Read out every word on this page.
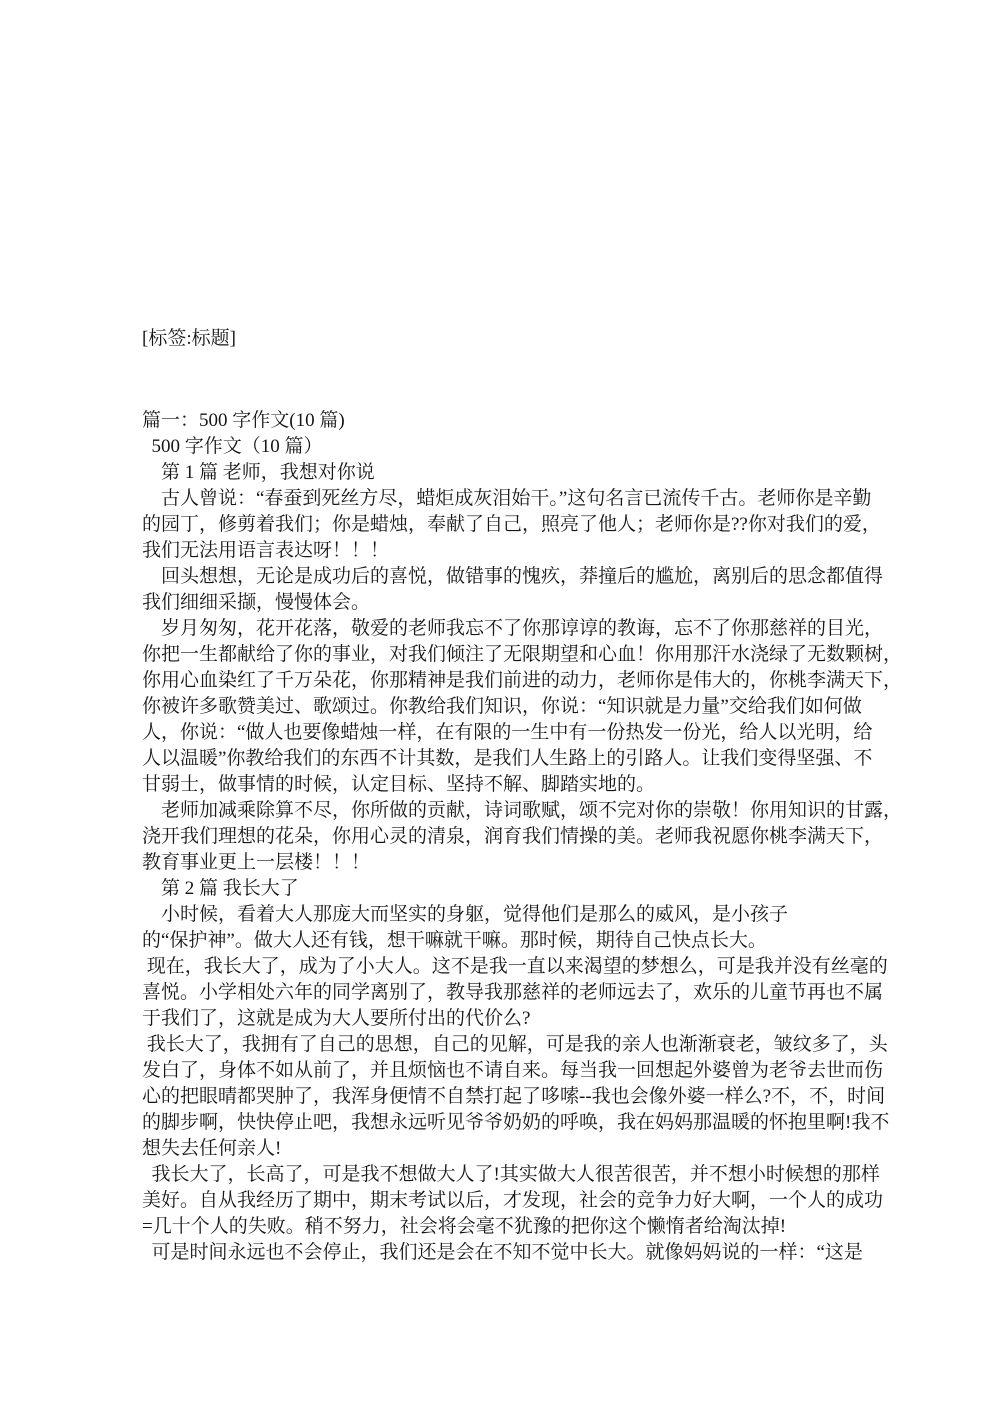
[标签:标题]
篇一：500 字作文(10 篇)
500 字作文（10 篇）
　第 1 篇 老师，我想对你说
　古人曾说：“春蚕到死丝方尽，蜡炬成灰泪始干。”这句名言已流传千古。老师你是辛勤
的园丁，修剪着我们；你是蜡烛，奉献了自己，照亮了他人；老师你是??你对我们的爱，
我们无法用语言表达呀！！！
　回头想想，无论是成功后的喜悦，做错事的愧疚，莽撞后的尴尬，离别后的思念都值得
我们细细采撷，慢慢体会。
　岁月匆匆，花开花落，敬爱的老师我忘不了你那谆谆的教诲，忘不了你那慈祥的目光，
你把一生都献给了你的事业，对我们倾注了无限期望和心血！你用那汗水浇绿了无数颗树，
你用心血染红了千万朵花，你那精神是我们前进的动力，老师你是伟大的，你桃李满天下，
你被许多歌赞美过、歌颂过。你教给我们知识，你说：“知识就是力量”交给我们如何做
人，你说：“做人也要像蜡烛一样，在有限的一生中有一份热发一份光，给人以光明，给
人以温暖”你教给我们的东西不计其数，是我们人生路上的引路人。让我们变得坚强、不
甘弱士，做事情的时候，认定目标、坚持不解、脚踏实地的。
　老师加减乘除算不尽，你所做的贡献，诗词歌赋，颂不完对你的崇敬！你用知识的甘露，
浇开我们理想的花朵，你用心灵的清泉，润育我们情操的美。老师我祝愿你桃李满天下，
教育事业更上一层楼！！！
　第 2 篇 我长大了
　小时候，看着大人那庞大而坚实的身躯，觉得他们是那么的威风，是小孩子
的“保护神”。做大人还有钱，想干嘛就干嘛。那时候，期待自己快点长大。
现在，我长大了，成为了小大人。这不是我一直以来渴望的梦想么，可是我并没有丝毫的
喜悦。小学相处六年的同学离别了，教导我那慈祥的老师远去了，欢乐的儿童节再也不属
于我们了，这就是成为大人要所付出的代价么?
我长大了，我拥有了自己的思想，自己的见解，可是我的亲人也渐渐衰老，皱纹多了，头
发白了，身体不如从前了，并且烦恼也不请自来。每当我一回想起外婆曾为老爷去世而伤
心的把眼晴都哭肿了，我浑身便情不自禁打起了哆嗦--我也会像外婆一样么?不，不，时间
的脚步啊，快快停止吧，我想永远听见爷爷奶奶的呼唤，我在妈妈那温暖的怀抱里啊!我不
想失去任何亲人!
我长大了，长高了，可是我不想做大人了!其实做大人很苦很苦，并不想小时候想的那样
美好。自从我经历了期中，期末考试以后，才发现，社会的竞争力好大啊，一个人的成功
=几十个人的失败。稍不努力，社会将会毫不犹豫的把你这个懒惰者给淘汰掉!
可是时间永远也不会停止，我们还是会在不知不觉中长大。就像妈妈说的一样：“这是
